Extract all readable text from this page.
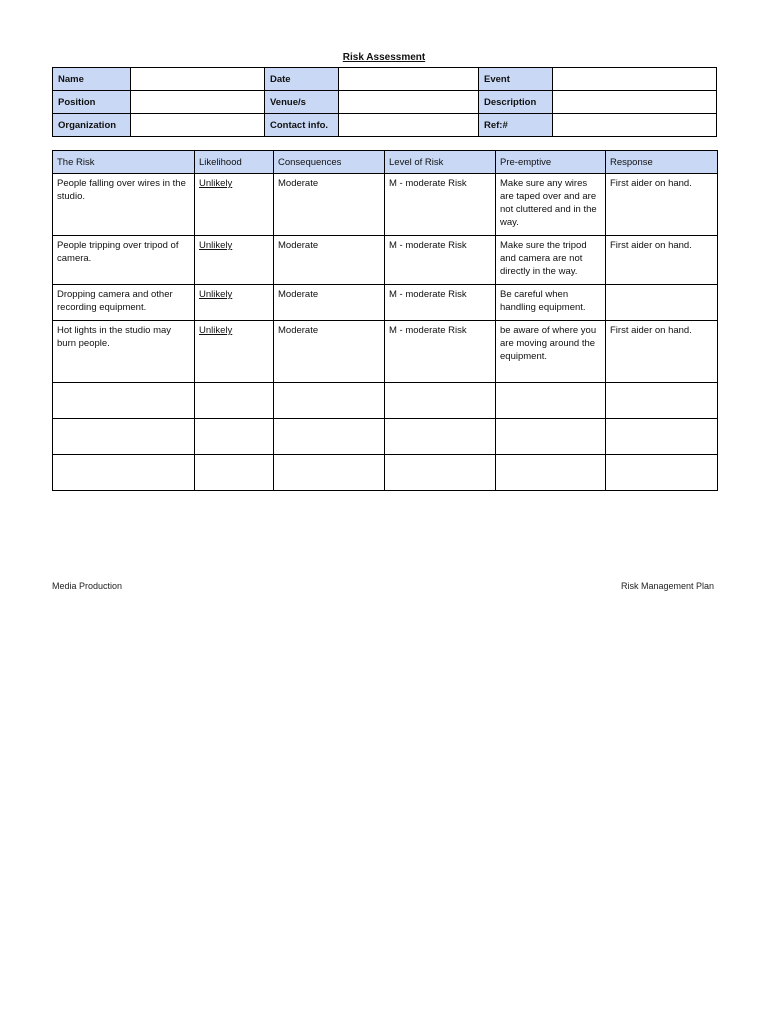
Risk Assessment
Name		Date		Event	
Position		Venue/s		Description	
Organization		Contact info.		Ref:#	
The Risk	Likelihood	Consequences	Level of Risk	Pre-emptive	Response
People falling over wires in the studio.	Unlikely	Moderate	M - moderate Risk	Make sure any wires are taped over and are not cluttered and in the way.	First aider on hand.
People tripping over tripod of camera.	Unlikely	Moderate	M - moderate Risk	Make sure the tripod and camera are not directly in the way.	First aider on hand.
Dropping camera and other recording equipment.	Unlikely	Moderate	M - moderate Risk	Be careful when handling equipment.	
Hot lights in the studio may burn people.	Unlikely	Moderate	M - moderate Risk	be aware of where you are moving around the equipment.	First aider on hand.

Media Production	Risk Management Plan
